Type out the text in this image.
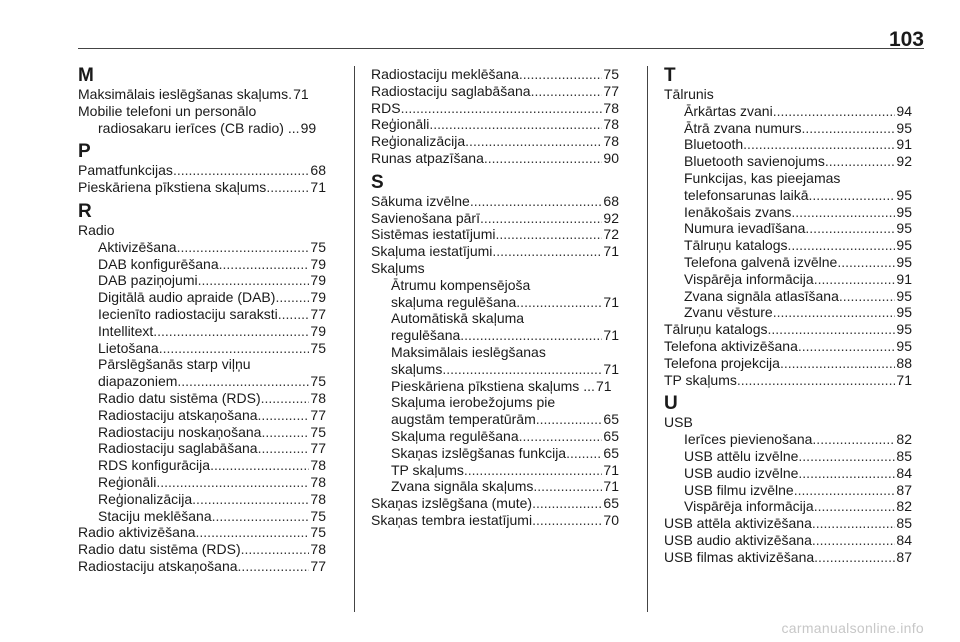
103
M
Maksimālais ieslēgšanas skaļums ..... 71
Mobilie telefoni un personālo
radiosakaru ierīces (CB radio) .. ..... 99
P
Pamatfunkcijas .....	68
Pieskāriena pīkstiena skaļums .....	71
R
Radio
Aktivizēšana .....	75
DAB konfigurēšana .....	79
DAB paziņojumi .....	79
Digitālā audio apraide (DAB) ..... 79
Iecienīto radiostaciju saraksti ..... 77
Intellitext .....	79
Lietošana .....	75
Pārslēgšanās starp viļņu
diapazoniem .....	75
Radio datu sistēma (RDS) .....	78
Radiostaciju atskaņošana .....	77
Radiostaciju noskaņošana .....	75
Radiostaciju saglabāšana .....	77
RDS konfigurācija .....	78
Reģionāli .....	78
Reģionalizācija .....	78
Staciju meklēšana .....	75
Radio aktivizēšana .....	75
Radio datu sistēma (RDS) .....	78
Radiostaciju atskaņošana .....	77
Radiostaciju meklēšana .....	75
Radiostaciju saglabāšana .....	77
RDS .....	78
Reģionāli .....	78
Reģionalizācija .....	78
Runas atpazīšana .....	90
S
Sākuma izvēlne .....	68
Savienošana pārī .....	92
Sistēmas iestatījumi .....	72
Skaļuma iestatījumi .....	71
Skaļums
Ātrumu kompensējoša
skaļuma regulēšana .....	71
Automātiskā skaļuma
regulēšana .....	71
Maksimālais ieslēgšanas
skaļums .....	71
Pieskāriena pīkstiena skaļums .. ..... 71
Skaļuma ierobežojums pie
augstām temperatūrām .....	65
Skaļuma regulēšana .....	65
Skaņas izslēgšanas funkcija .....	65
TP skaļums .....	71
Zvana signāla skaļums .....	71
Skaņas izslēgšana (mute) .....	65
Skaņas tembra iestatījumi .....	70
T
Tālrunis
Ārkārtas zvani .....	94
Ātrā zvana numurs .....	95
Bluetooth .....	91
Bluetooth savienojums .....	92
Funkcijas, kas pieejamas
telefonsarunas laikā .....	95
Ienākošais zvans .....	95
Numura ievadīšana .....	95
Tālruņu katalogs .....	95
Telefona galvenā izvēlne .....	95
Vispārēja informācija .....	91
Zvana signāla atlasīšana .....	95
Zvanu vēsture .....	95
Tālruņu katalogs .....	95
Telefona aktivizēšana .....	95
Telefona projekcija .....	88
TP skaļums .....	71
U
USB
Ierīces pievienošana .....	82
USB attēlu izvēlne .....	85
USB audio izvēlne .....	84
USB filmu izvēlne .....	87
Vispārēja informācija .....	82
USB attēla aktivizēšana .....	85
USB audio aktivizēšana .....	84
USB filmas aktivizēšana .....	87
carmanualsonline.info
